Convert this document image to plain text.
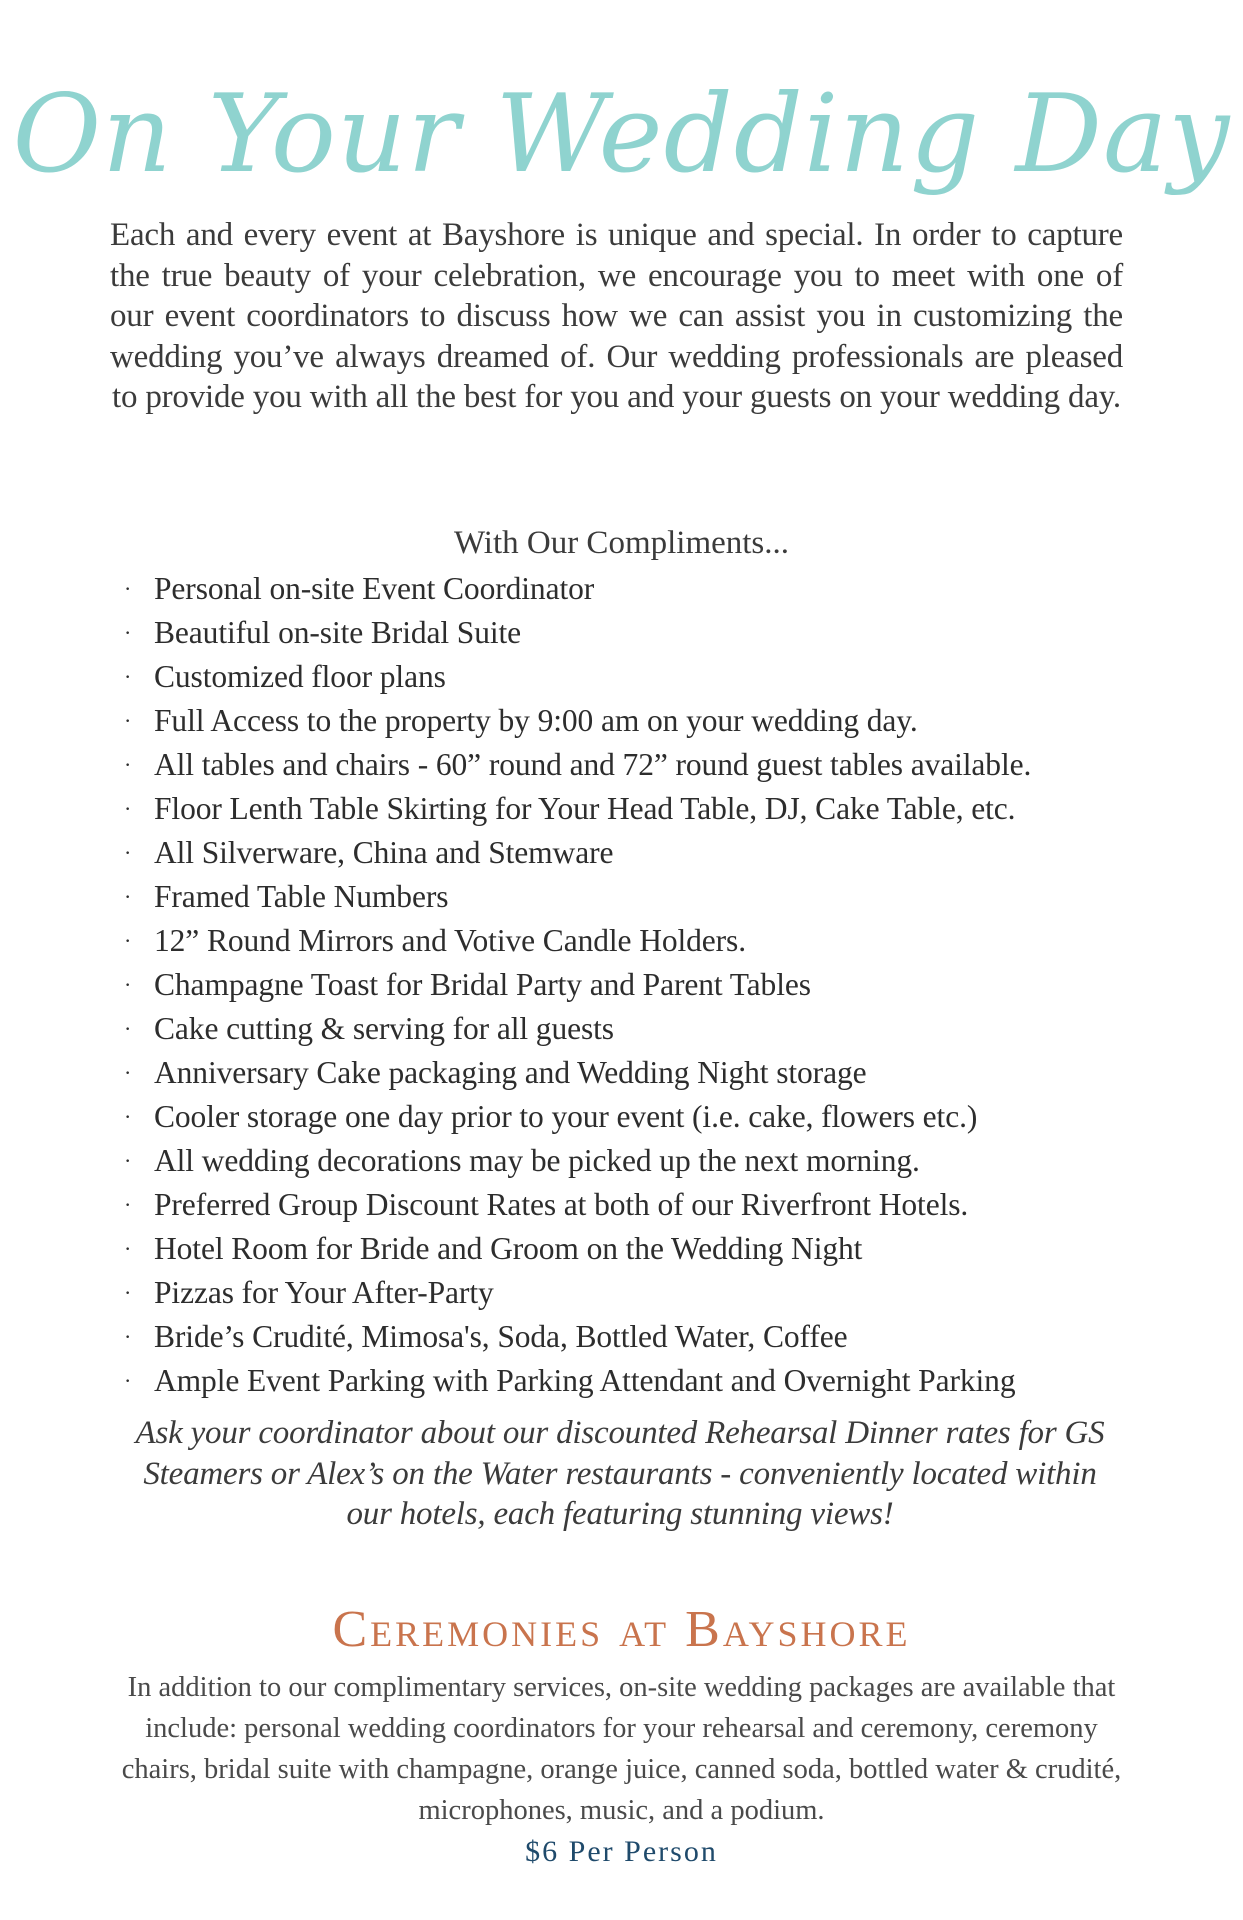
On Your Wedding Day
Each and every event at Bayshore is unique and special. In order to capture the true beauty of your celebration, we encourage you to meet with one of our event coordinators to discuss how we can assist you in customizing the wedding you’ve always dreamed of. Our wedding professionals are pleased to provide you with all the best for you and your guests on your wedding day.
With Our Compliments...
· Personal on-site Event Coordinator
· Beautiful on-site Bridal Suite
· Customized floor plans
· Full Access to the property by 9:00 am on your wedding day.
· All tables and chairs - 60” round and 72” round guest tables available.
· Floor Lenth Table Skirting for Your Head Table, DJ, Cake Table, etc.
· All Silverware, China and Stemware
· Framed Table Numbers
· 12” Round Mirrors and Votive Candle Holders.
· Champagne Toast for Bridal Party and Parent Tables
· Cake cutting & serving for all guests
· Anniversary Cake packaging and Wedding Night storage
· Cooler storage one day prior to your event (i.e. cake, flowers etc.)
· All wedding decorations may be picked up the next morning.
· Preferred Group Discount Rates at both of our Riverfront Hotels.
· Hotel Room for Bride and Groom on the Wedding Night
· Pizzas for Your After-Party
· Bride’s Crudité, Mimosa's, Soda, Bottled Water, Coffee
· Ample Event Parking with Parking Attendant and Overnight Parking
Ask your coordinator about our discounted Rehearsal Dinner rates for GS Steamers or Alex’s on the Water restaurants - conveniently located within our hotels, each featuring stunning views!
Ceremonies at Bayshore
In addition to our complimentary services, on-site wedding packages are available that include: personal wedding coordinators for your rehearsal and ceremony, ceremony chairs, bridal suite with champagne, orange juice, canned soda, bottled water & crudité, microphones, music, and a podium.
$6 Per Person
